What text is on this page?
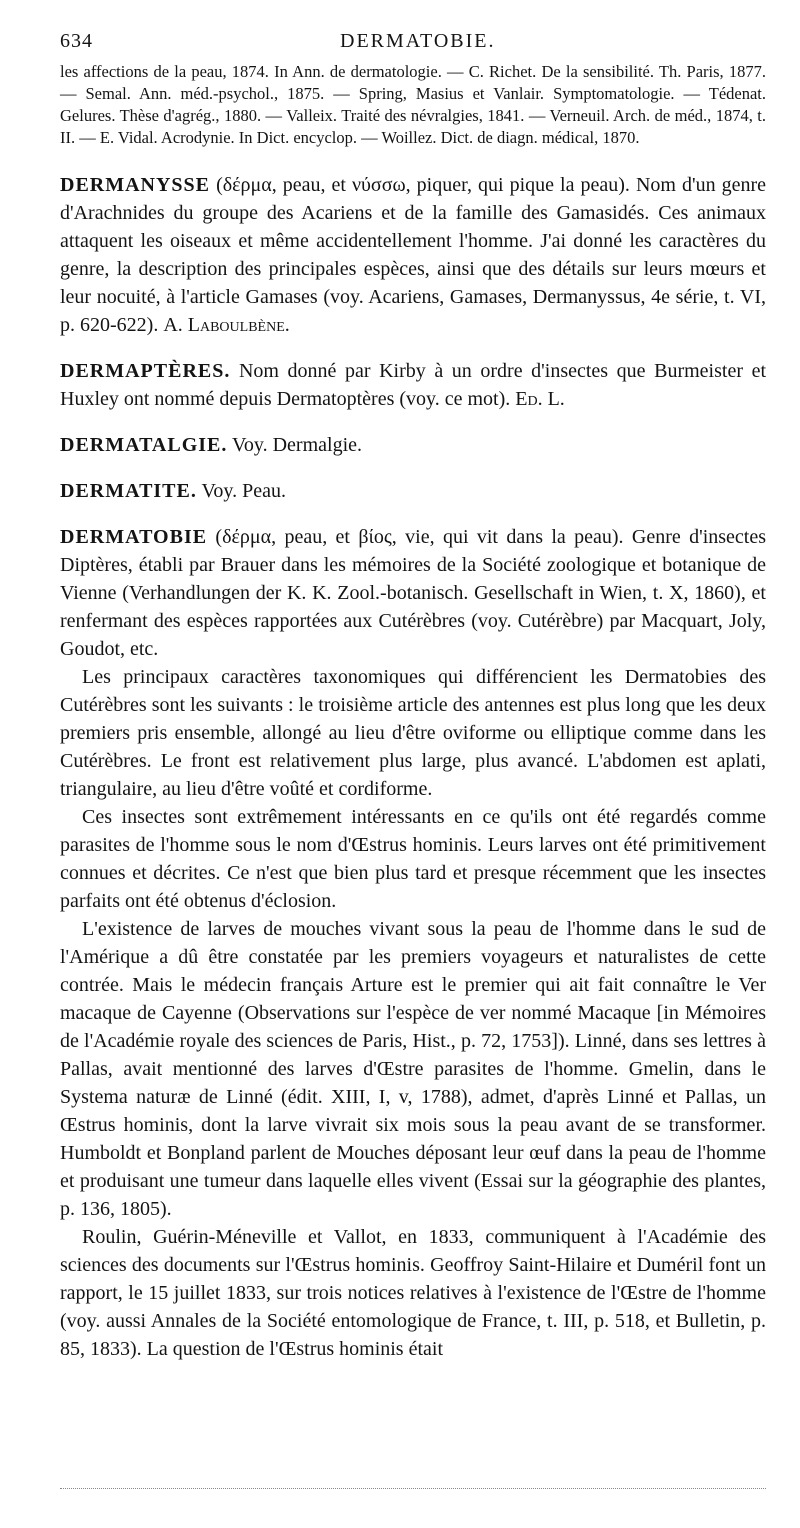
634	DERMATOBIE.

les affections de la peau, 1874. In Ann. de dermatologie. — C. Richet. De la sensibilité. Th. Paris, 1877. — Semal. Ann. méd.-psychol., 1875. — Spring, Masius et Vanlair. Symptomatologie. — Tédenat. Gelures. Thèse d'agrég., 1880. — Valleix. Traité des névralgies, 1841. — Verneuil. Arch. de méd., 1874, t. II. — E. Vidal. Acrodynie. In Dict. encyclop. — Woillez. Dict. de diagn. médical, 1870.

DERMANYSSE (δέρμα, peau, et νύσσω, piquer, qui pique la peau). Nom d'un genre d'Arachnides du groupe des Acariens et de la famille des Gamasidés. Ces animaux attaquent les oiseaux et même accidentellement l'homme. J'ai donné les caractères du genre, la description des principales espèces, ainsi que des détails sur leurs mœurs et leur nocuité, à l'article Gamases (voy. Acariens, Gamases, Dermanyssus, 4e série, t. VI, p. 620-622). A. Laboulbène.

DERMAPTÈRES. Nom donné par Kirby à un ordre d'insectes que Burmeister et Huxley ont nommé depuis Dermatoptères (voy. ce mot). Ed. L.

DERMATALGIE. Voy. Dermalgie.

DERMATITE. Voy. Peau.

DERMATOBIE (δέρμα, peau, et βίος, vie, qui vit dans la peau). Genre d'insectes Diptères, établi par Brauer dans les mémoires de la Société zoologique et botanique de Vienne (Verhandlungen der K. K. Zool.-botanisch. Gesellschaft in Wien, t. X, 1860), et renfermant des espèces rapportées aux Cutérèbres (voy. Cutérèbre) par Macquart, Joly, Goudot, etc.

Les principaux caractères taxonomiques qui différencient les Dermatobies des Cutérèbres sont les suivants : le troisième article des antennes est plus long que les deux premiers pris ensemble, allongé au lieu d'être oviforme ou elliptique comme dans les Cutérèbres. Le front est relativement plus large, plus avancé. L'abdomen est aplati, triangulaire, au lieu d'être voûté et cordiforme.

Ces insectes sont extrêmement intéressants en ce qu'ils ont été regardés comme parasites de l'homme sous le nom d'Œstrus hominis. Leurs larves ont été primitivement connues et décrites. Ce n'est que bien plus tard et presque récemment que les insectes parfaits ont été obtenus d'éclosion.

L'existence de larves de mouches vivant sous la peau de l'homme dans le sud de l'Amérique a dû être constatée par les premiers voyageurs et naturalistes de cette contrée. Mais le médecin français Arture est le premier qui ait fait connaître le Ver macaque de Cayenne (Observations sur l'espèce de ver nommé Macaque [in Mémoires de l'Académie royale des sciences de Paris, Hist., p. 72, 1753]). Linné, dans ses lettres à Pallas, avait mentionné des larves d'Œstre parasites de l'homme. Gmelin, dans le Systema naturæ de Linné (édit. XIII, I, v, 1788), admet, d'après Linné et Pallas, un Œstrus hominis, dont la larve vivrait six mois sous la peau avant de se transformer. Humboldt et Bonpland parlent de Mouches déposant leur œuf dans la peau de l'homme et produisant une tumeur dans laquelle elles vivent (Essai sur la géographie des plantes, p. 136, 1805).

Roulin, Guérin-Méneville et Vallot, en 1833, communiquent à l'Académie des sciences des documents sur l'Œstrus hominis. Geoffroy Saint-Hilaire et Duméril font un rapport, le 15 juillet 1833, sur trois notices relatives à l'existence de l'Œstre de l'homme (voy. aussi Annales de la Société entomologique de France, t. III, p. 518, et Bulletin, p. 85, 1833). La question de l'Œstrus hominis était
